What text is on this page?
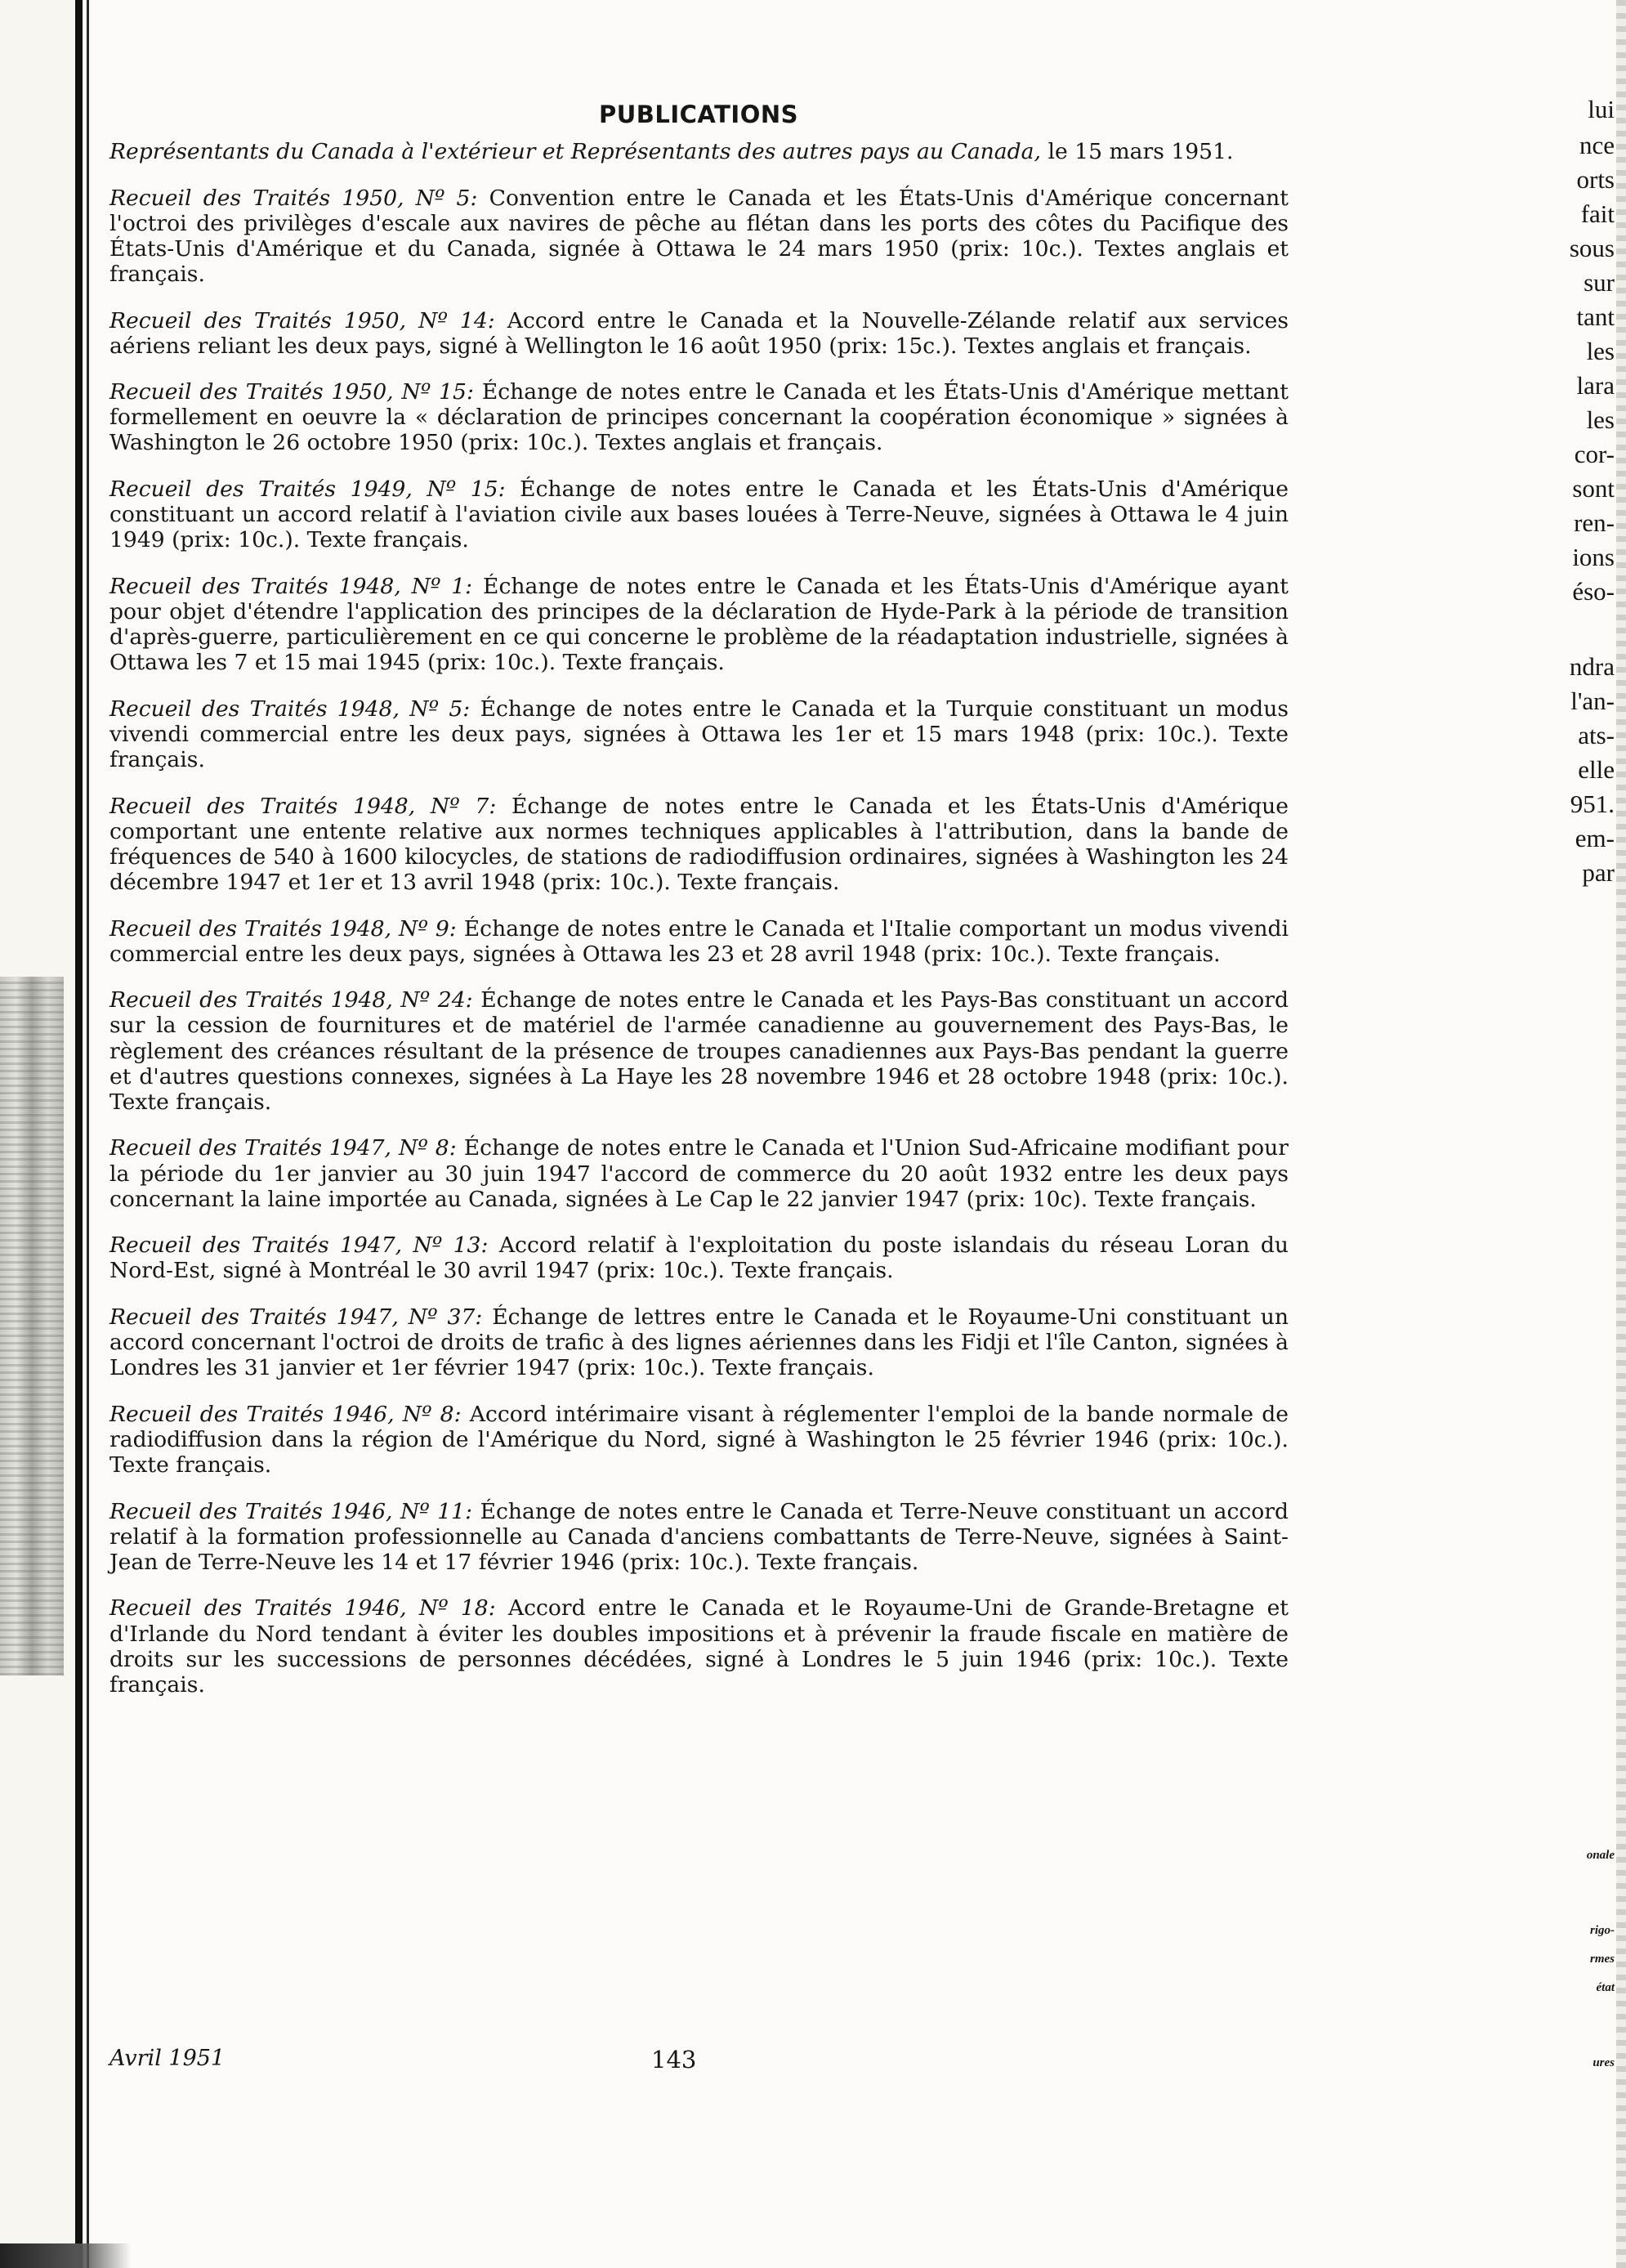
lui
nce
orts
fait
sous
sur
tant
les
lara
les
cor-
sont
ren-
ions
éso-
ndra
l'an-
ats-
elle
951.
em-
par
onale
rigo-
rmes
état
ures
PUBLICATIONS

Représentants du Canada à l'extérieur et Représentants des autres pays au Canada, le 15 mars 1951.

Recueil des Traités 1950, Nº 5: Convention entre le Canada et les États-Unis d'Amérique concernant l'octroi des privilèges d'escale aux navires de pêche au flétan dans les ports des côtes du Pacifique des États-Unis d'Amérique et du Canada, signée à Ottawa le 24 mars 1950 (prix: 10c.). Textes anglais et français.

Recueil des Traités 1950, Nº 14: Accord entre le Canada et la Nouvelle-Zélande relatif aux services aériens reliant les deux pays, signé à Wellington le 16 août 1950 (prix: 15c.). Textes anglais et français.

Recueil des Traités 1950, Nº 15: Échange de notes entre le Canada et les États-Unis d'Amérique mettant formellement en oeuvre la « déclaration de principes concernant la coopération économique » signées à Washington le 26 octobre 1950 (prix: 10c.). Textes anglais et français.

Recueil des Traités 1949, Nº 15: Échange de notes entre le Canada et les États-Unis d'Amérique constituant un accord relatif à l'aviation civile aux bases louées à Terre-Neuve, signées à Ottawa le 4 juin 1949 (prix: 10c.). Texte français.

Recueil des Traités 1948, Nº 1: Échange de notes entre le Canada et les États-Unis d'Amérique ayant pour objet d'étendre l'application des principes de la déclaration de Hyde-Park à la période de transition d'après-guerre, particulièrement en ce qui concerne le problème de la réadaptation industrielle, signées à Ottawa les 7 et 15 mai 1945 (prix: 10c.). Texte français.

Recueil des Traités 1948, Nº 5: Échange de notes entre le Canada et la Turquie constituant un modus vivendi commercial entre les deux pays, signées à Ottawa les 1er et 15 mars 1948 (prix: 10c.). Texte français.

Recueil des Traités 1948, Nº 7: Échange de notes entre le Canada et les États-Unis d'Amérique comportant une entente relative aux normes techniques applicables à l'attribution, dans la bande de fréquences de 540 à 1600 kilocycles, de stations de radiodiffusion ordinaires, signées à Washington les 24 décembre 1947 et 1er et 13 avril 1948 (prix: 10c.). Texte français.

Recueil des Traités 1948, Nº 9: Échange de notes entre le Canada et l'Italie comportant un modus vivendi commercial entre les deux pays, signées à Ottawa les 23 et 28 avril 1948 (prix: 10c.). Texte français.

Recueil des Traités 1948, Nº 24: Échange de notes entre le Canada et les Pays-Bas constituant un accord sur la cession de fournitures et de matériel de l'armée canadienne au gouvernement des Pays-Bas, le règlement des créances résultant de la présence de troupes canadiennes aux Pays-Bas pendant la guerre et d'autres questions connexes, signées à La Haye les 28 novembre 1946 et 28 octobre 1948 (prix: 10c.). Texte français.

Recueil des Traités 1947, Nº 8: Échange de notes entre le Canada et l'Union Sud-Africaine modifiant pour la période du 1er janvier au 30 juin 1947 l'accord de commerce du 20 août 1932 entre les deux pays concernant la laine importée au Canada, signées à Le Cap le 22 janvier 1947 (prix: 10c). Texte français.

Recueil des Traités 1947, Nº 13: Accord relatif à l'exploitation du poste islandais du réseau Loran du Nord-Est, signé à Montréal le 30 avril 1947 (prix: 10c.). Texte français.

Recueil des Traités 1947, Nº 37: Échange de lettres entre le Canada et le Royaume-Uni constituant un accord concernant l'octroi de droits de trafic à des lignes aériennes dans les Fidji et l'île Canton, signées à Londres les 31 janvier et 1er février 1947 (prix: 10c.). Texte français.

Recueil des Traités 1946, Nº 8: Accord intérimaire visant à réglementer l'emploi de la bande normale de radiodiffusion dans la région de l'Amérique du Nord, signé à Washington le 25 février 1946 (prix: 10c.). Texte français.

Recueil des Traités 1946, Nº 11: Échange de notes entre le Canada et Terre-Neuve constituant un accord relatif à la formation professionnelle au Canada d'anciens combattants de Terre-Neuve, signées à Saint-Jean de Terre-Neuve les 14 et 17 février 1946 (prix: 10c.). Texte français.

Recueil des Traités 1946, Nº 18: Accord entre le Canada et le Royaume-Uni de Grande-Bretagne et d'Irlande du Nord tendant à éviter les doubles impositions et à prévenir la fraude fiscale en matière de droits sur les successions de personnes décédées, signé à Londres le 5 juin 1946 (prix: 10c.). Texte français.

Avril 1951	143
